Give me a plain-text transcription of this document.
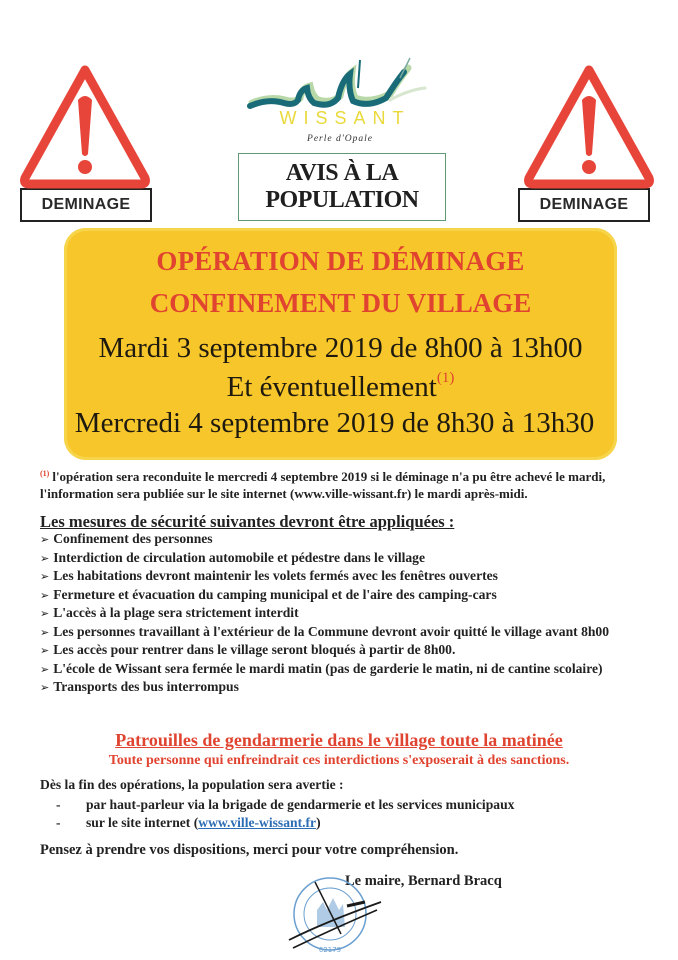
DEMINAGE	DEMINAGE
WISSANT
Perle d'Opale
AVIS À LA
POPULATION
OPÉRATION DE DÉMINAGE
CONFINEMENT DU VILLAGE
Mardi 3 septembre 2019 de 8h00 à 13h00
Et éventuellement$^{(1)}$
Mercredi 4 septembre 2019 de 8h30 à 13h30
$^{(1)}$ l'opération sera reconduite le mercredi 4 septembre 2019 si le déminage n'a pu être achevé le mardi,
l'information sera publiée sur le site internet (www.ville-wissant.fr) le mardi après-midi.
Les mesures de sécurité suivantes devront être appliquées :
➢ Confinement des personnes
➢ Interdiction de circulation automobile et pédestre dans le village
➢ Les habitations devront maintenir les volets fermés avec les fenêtres ouvertes
➢ Fermeture et évacuation du camping municipal et de l'aire des camping-cars
➢ L'accès à la plage sera strictement interdit
➢ Les personnes travaillant à l'extérieur de la Commune devront avoir quitté le village avant 8h00
➢ Les accès pour rentrer dans le village seront bloqués à partir de 8h00.
➢ L'école de Wissant sera fermée le mardi matin (pas de garderie le matin, ni de cantine scolaire)
➢ Transports des bus interrompus
Patrouilles de gendarmerie dans le village toute la matinée
Toute personne qui enfreindrait ces interdictions s'exposerait à des sanctions.
Dès la fin des opérations, la population sera avertie :
- par haut-parleur via la brigade de gendarmerie et les services municipaux
- sur le site internet (www.ville-wissant.fr)
Pensez à prendre vos dispositions, merci pour votre compréhension.
Le maire, Bernard Bracq
62179
